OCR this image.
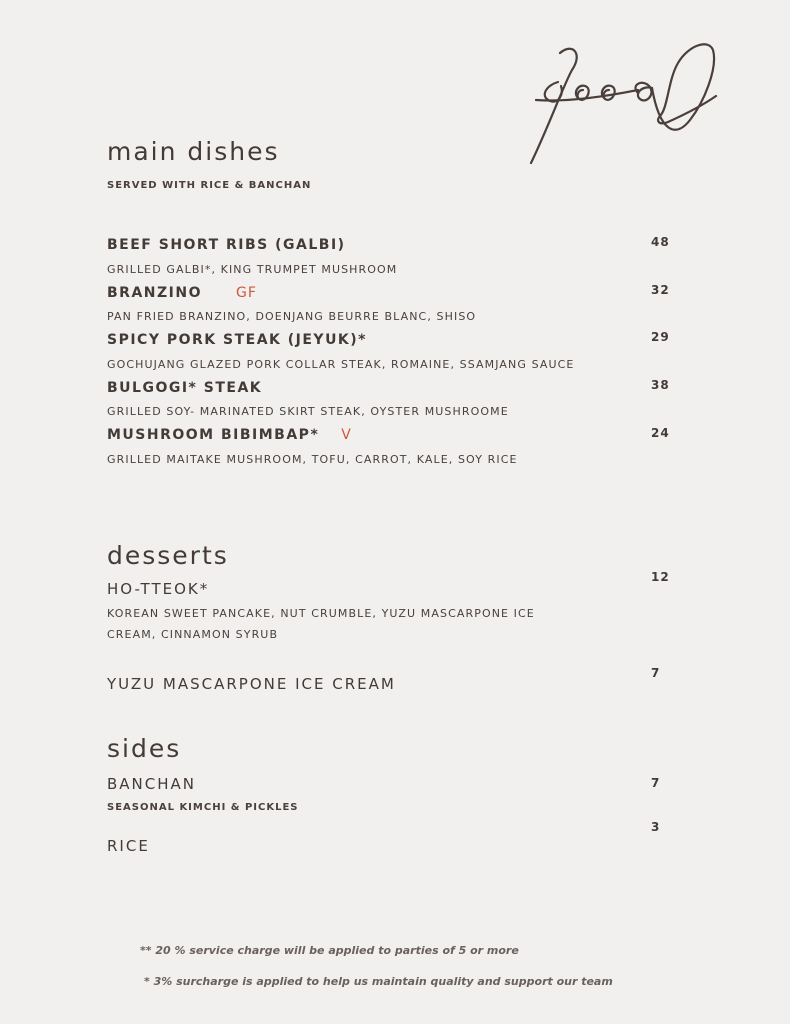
main dishes
SERVED WITH RICE & BANCHAN
BEEF SHORT RIBS (GALBI)
GRILLED GALBI*, KING TRUMPET MUSHROOM
48
BRANZINO GF
PAN FRIED BRANZINO, DOENJANG BEURRE BLANC, SHISO
32
SPICY PORK STEAK (JEYUK)*
GOCHUJANG GLAZED PORK COLLAR STEAK, ROMAINE, SSAMJANG SAUCE
29
BULGOGI* STEAK
GRILLED SOY- MARINATED SKIRT STEAK, OYSTER MUSHROOME
38
MUSHROOM BIBIMBAP* V
GRILLED MAITAKE MUSHROOM, TOFU, CARROT, KALE, SOY RICE
24
desserts
HO-TTEOK*
KOREAN SWEET PANCAKE, NUT CRUMBLE, YUZU MASCARPONE ICE
CREAM, CINNAMON SYRUB
12
YUZU MASCARPONE ICE CREAM
7
sides
BANCHAN
SEASONAL KIMCHI & PICKLES
7
RICE
3
** 20 % service charge will be applied to parties of 5 or more
* 3% surcharge is applied to help us maintain quality and support our team
